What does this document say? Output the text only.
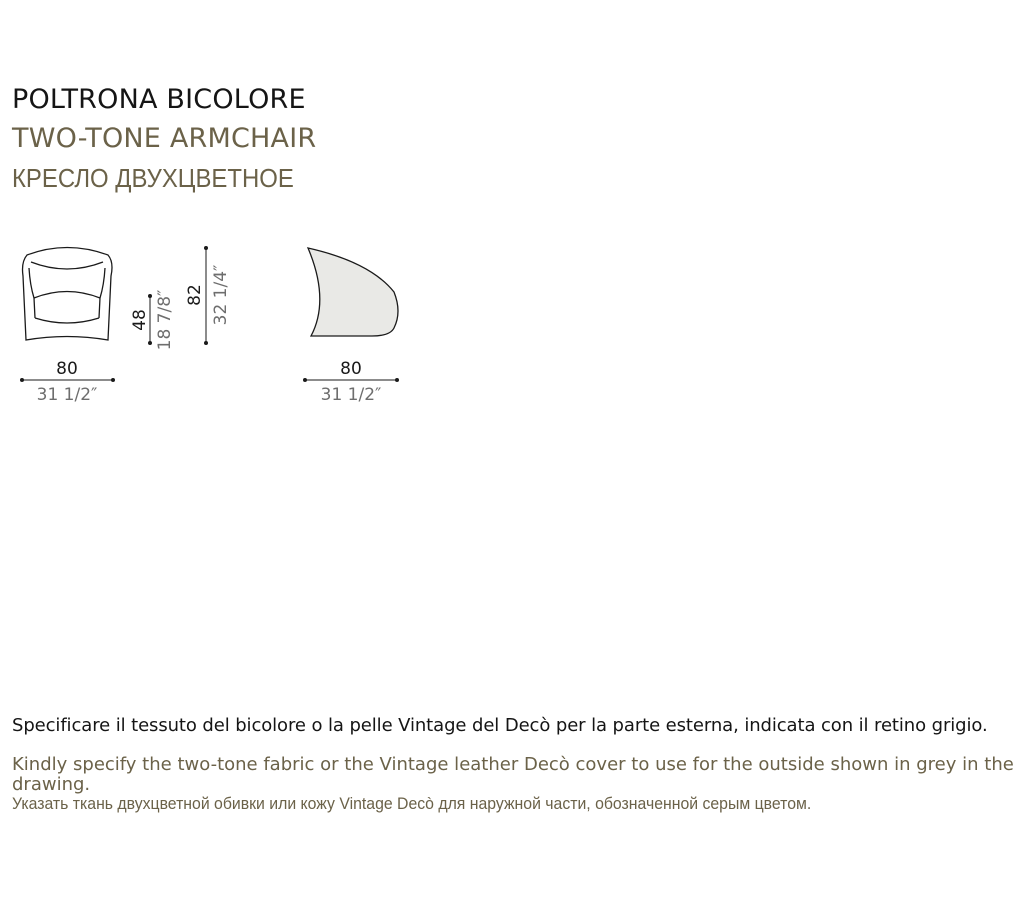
POLTRONA BICOLORE
TWO-TONE ARMCHAIR
КРЕСЛО ДВУХЦВЕТНОЕ
80
31 1/2″
48 18 7/8″ 82 32 1/4″
80
31 1/2″
Specificare il tessuto del bicolore o la pelle Vintage del Decò per la parte esterna, indicata con il retino grigio.
Kindly specify the two-tone fabric or the Vintage leather Decò cover to use for the outside shown in grey in the
drawing.
Указать ткань двухцветной обивки или кожу Vintage Decò для наружной части, обозначенной серым цветом.
